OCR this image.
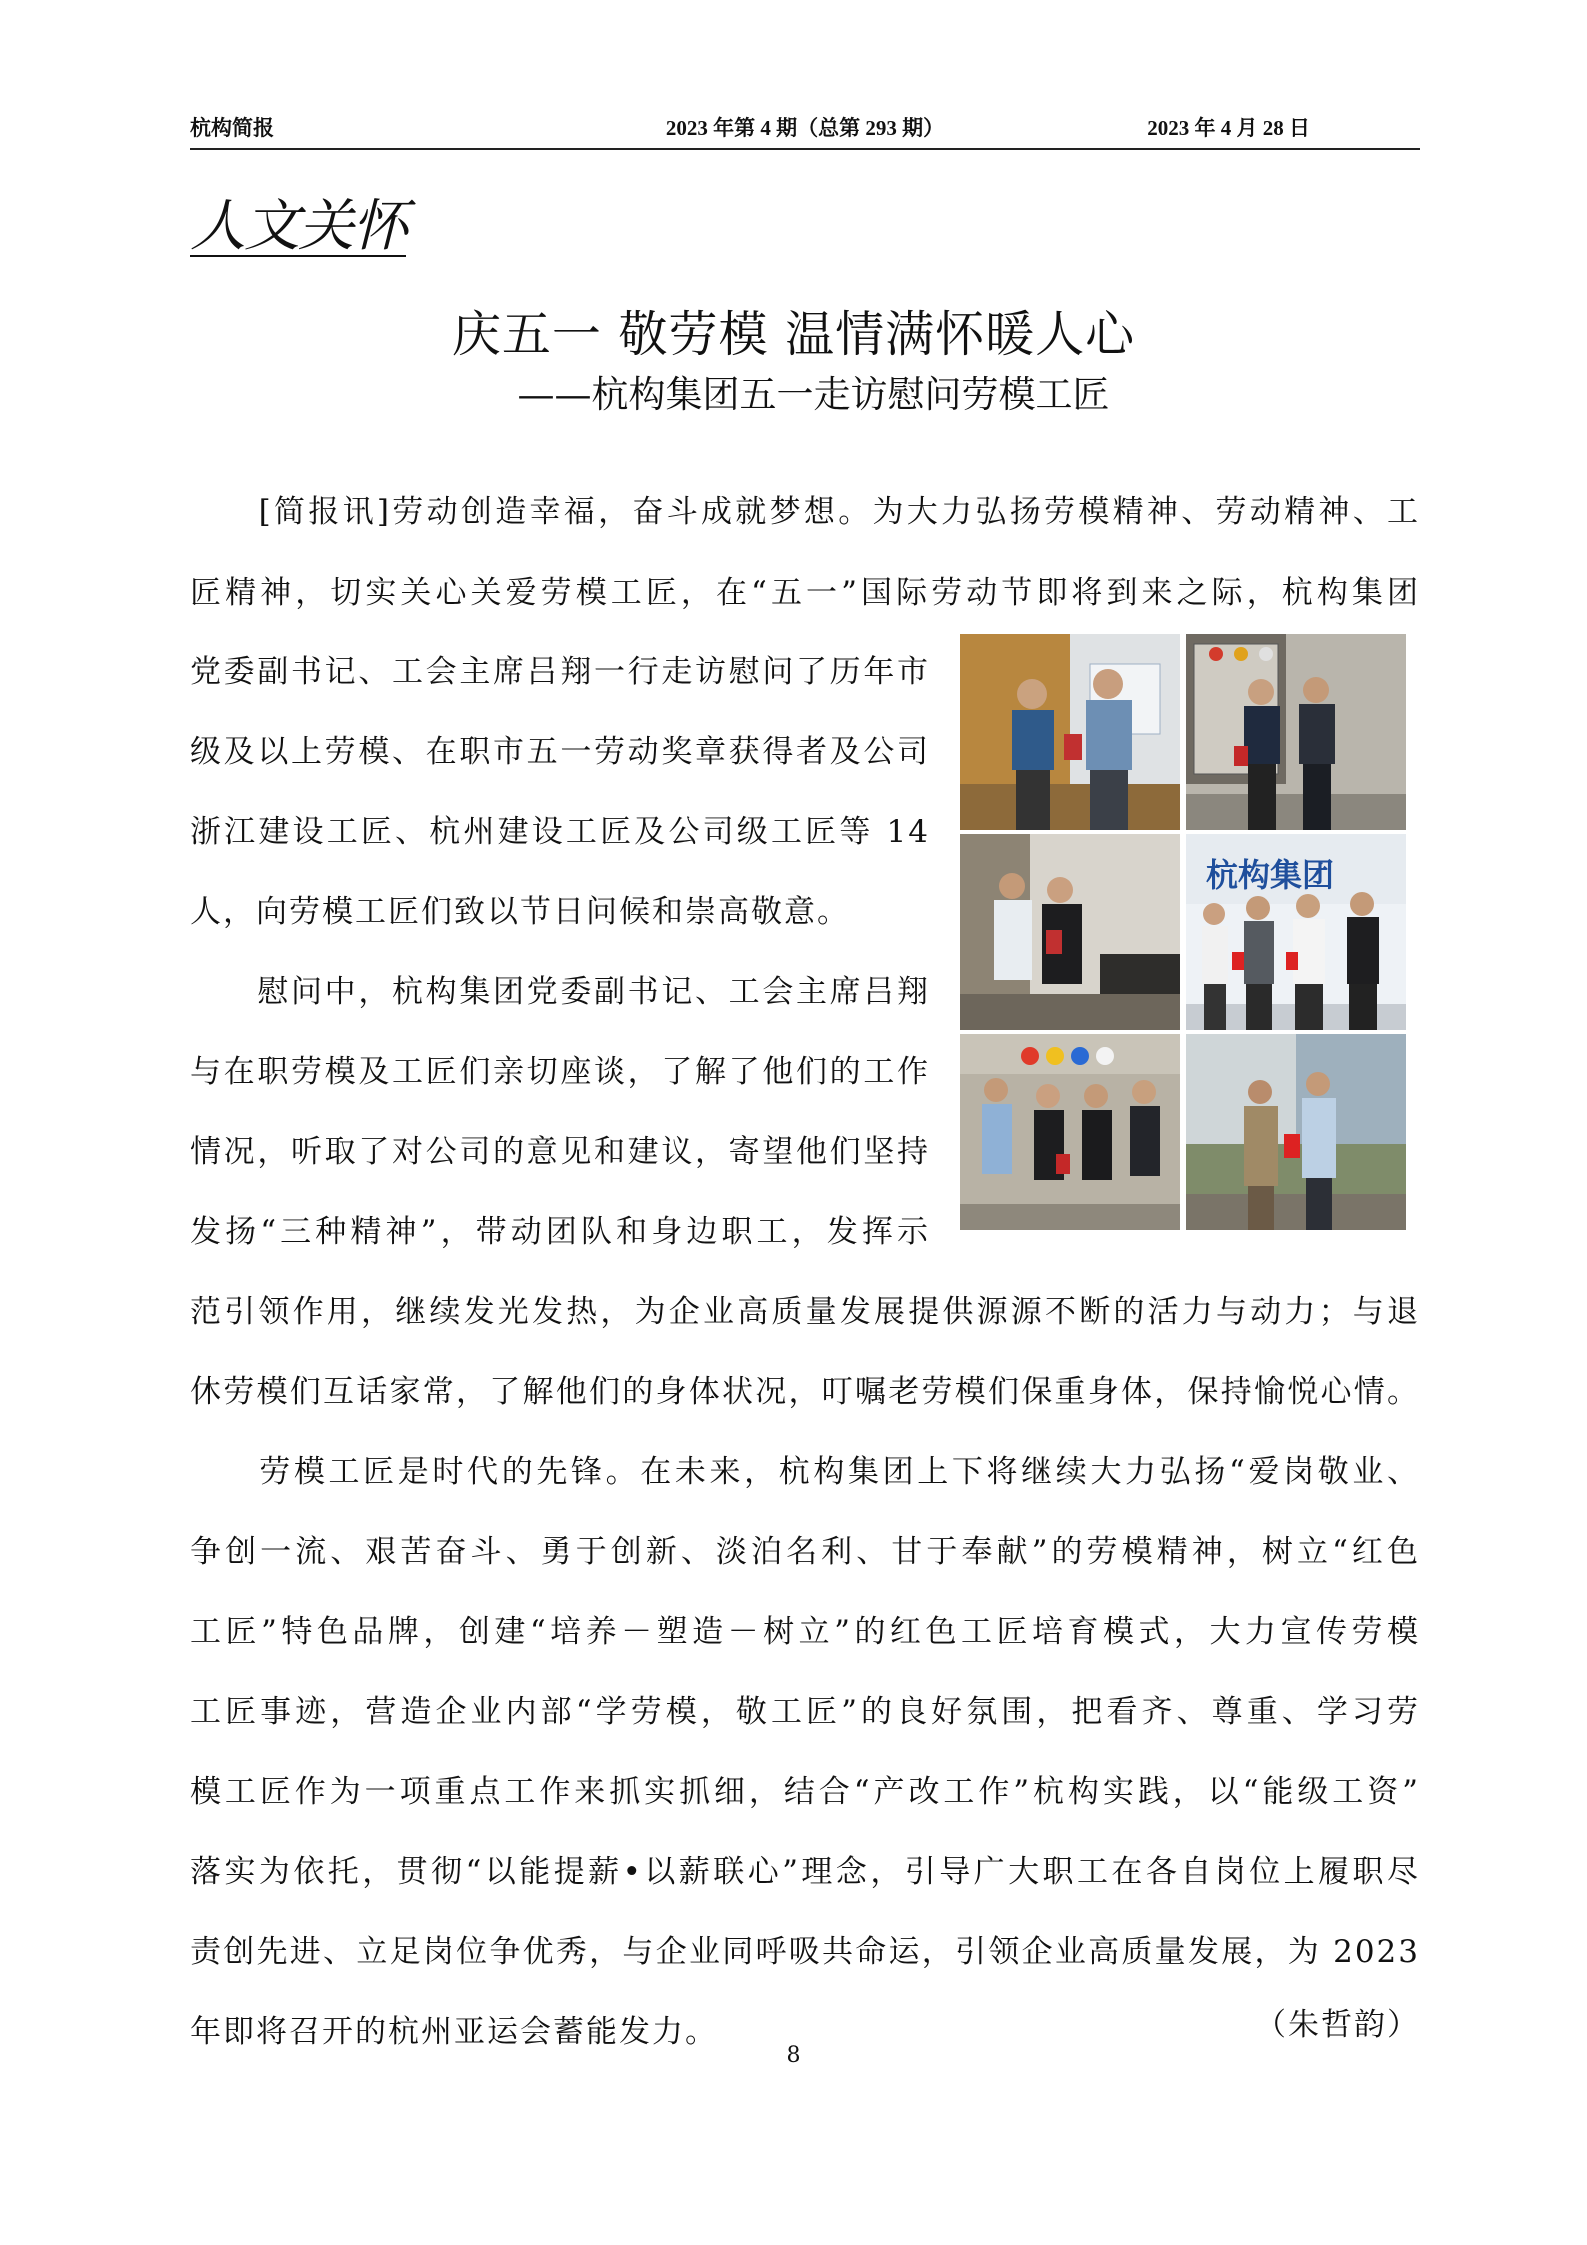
杭构简报	2023 年第 4 期（总第 293 期）	2023 年 4 月 28 日
人文关怀
庆五一 敬劳模 温情满怀暖人心
——杭构集团五一走访慰问劳模工匠
　　[简报讯]劳动创造幸福，奋斗成就梦想。为大力弘扬劳模精神、劳动精神、工
匠精神，切实关心关爱劳模工匠，在“五一”国际劳动节即将到来之际，杭构集团
党委副书记、工会主席吕翔一行走访慰问了历年市
级及以上劳模、在职市五一劳动奖章获得者及公司
浙江建设工匠、杭州建设工匠及公司级工匠等 14
人，向劳模工匠们致以节日问候和崇高敬意。
　　慰问中，杭构集团党委副书记、工会主席吕翔
与在职劳模及工匠们亲切座谈，了解了他们的工作
情况，听取了对公司的意见和建议，寄望他们坚持
发扬“三种精神”，带动团队和身边职工，发挥示
范引领作用，继续发光发热，为企业高质量发展提供源源不断的活力与动力；与退
休劳模们互话家常，了解他们的身体状况，叮嘱老劳模们保重身体，保持愉悦心情。
　　劳模工匠是时代的先锋。在未来，杭构集团上下将继续大力弘扬“爱岗敬业、
争创一流、艰苦奋斗、勇于创新、淡泊名利、甘于奉献”的劳模精神，树立“红色
工匠”特色品牌，创建“培养－塑造－树立”的红色工匠培育模式，大力宣传劳模
工匠事迹，营造企业内部“学劳模，敬工匠”的良好氛围，把看齐、尊重、学习劳
模工匠作为一项重点工作来抓实抓细，结合“产改工作”杭构实践，以“能级工资”
落实为依托，贯彻“以能提薪•以薪联心”理念，引导广大职工在各自岗位上履职尽
责创先进、立足岗位争优秀，与企业同呼吸共命运，引领企业高质量发展，为 2023
年即将召开的杭州亚运会蓄能发力。	（朱哲韵）
杭构集团
8
